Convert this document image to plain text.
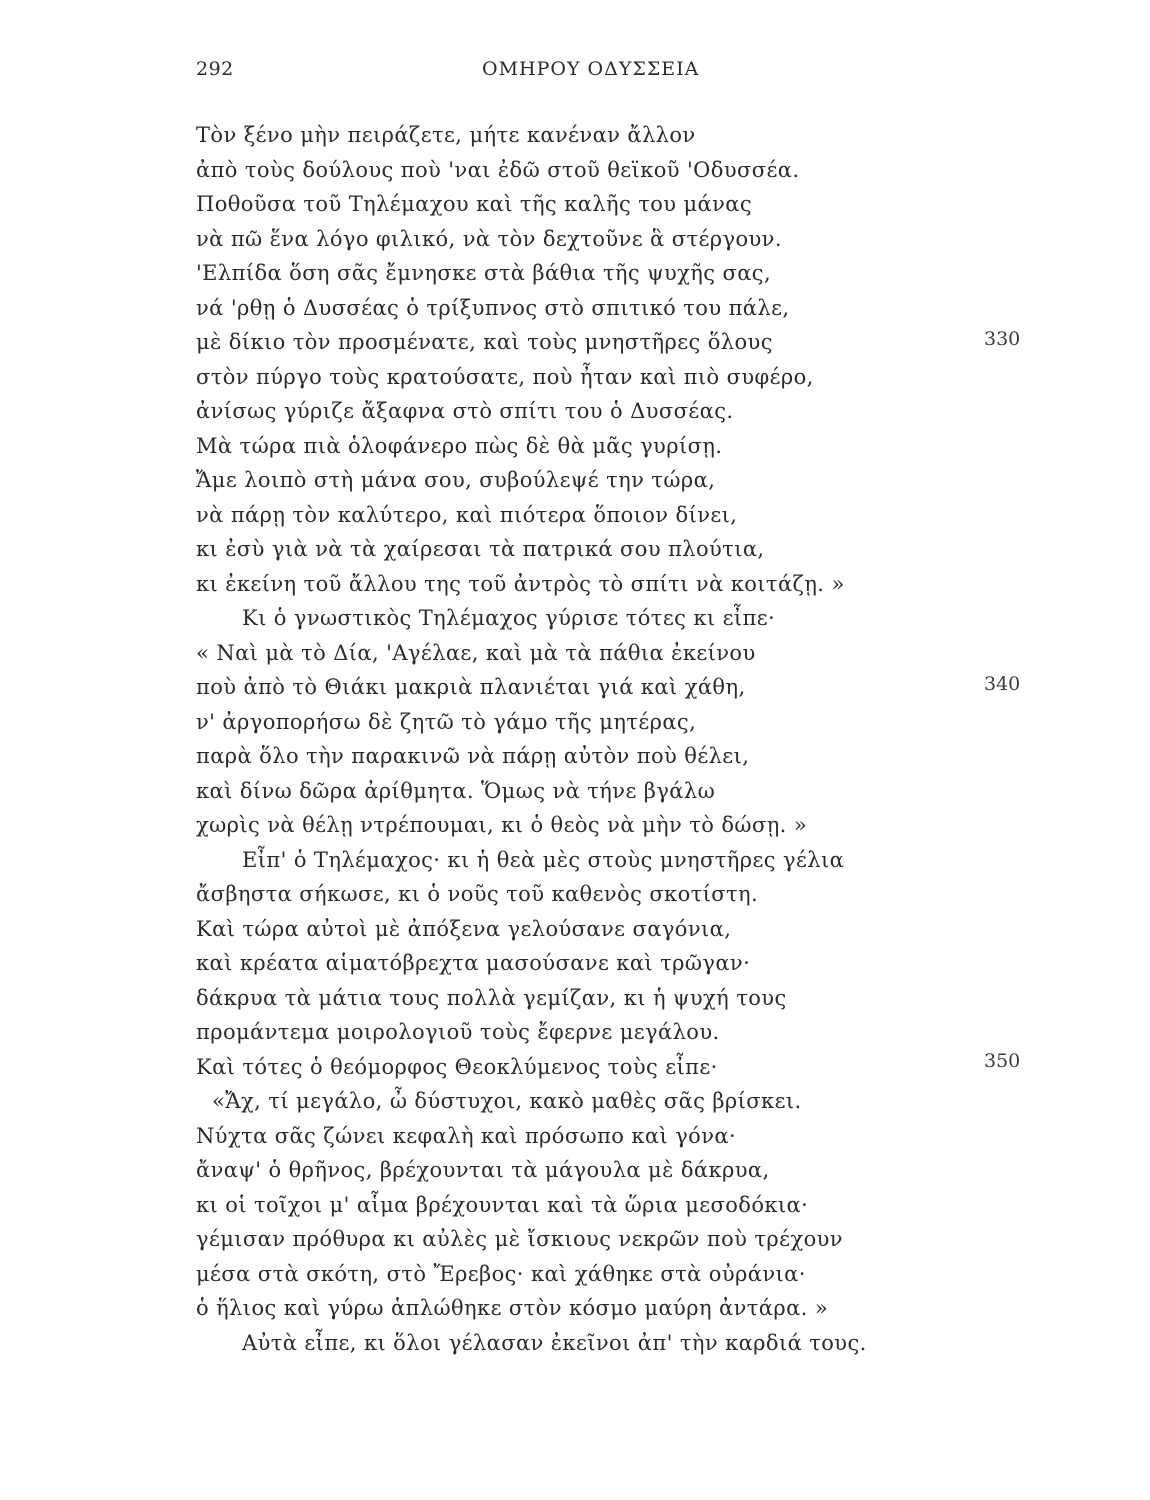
292	ΟΜΗΡΟΥ ΟΔΥΣΣΕΙΑ
Τὸν ξένο μὴν πειράζετε, μήτε κανέναν ἄλλον
ἀπὸ τοὺς δούλους ποὺ 'ναι ἐδῶ στοῦ θεϊκοῦ 'Οδυσσέα.
Ποθοῦσα τοῦ Τηλέμαχου καὶ τῆς καλῆς του μάνας
νὰ πῶ ἕνα λόγο φιλικό, νὰ τὸν δεχτοῦνε ἃ στέργουν.
'Ελπίδα ὅση σᾶς ἔμνησκε στὰ βάθια τῆς ψυχῆς σας,
νά 'ρθῃ ὁ Δυσσέας ὁ τρίξυπνος στὸ σπιτικό του πάλε,
μὲ δίκιο τὸν προσμένατε, καὶ τοὺς μνηστῆρες ὅλους
στὸν πύργο τοὺς κρατούσατε, ποὺ ἦταν καὶ πιὸ συφέρο,
ἀνίσως γύριζε ἄξαφνα στὸ σπίτι του ὁ Δυσσέας.
Μὰ τώρα πιὰ ὁλοφάνερο πὼς δὲ θὰ μᾶς γυρίσῃ.
Ἄμε λοιπὸ στὴ μάνα σου, συβούλεψέ την τώρα,
νὰ πάρῃ τὸν καλύτερο, καὶ πιότερα ὅποιον δίνει,
κι ἐσὺ γιὰ νὰ τὰ χαίρεσαι τὰ πατρικά σου πλούτια,
κι ἐκείνη τοῦ ἄλλου της τοῦ ἀντρὸς τὸ σπίτι νὰ κοιτάζῃ. »
Κι ὁ γνωστικὸς Τηλέμαχος γύρισε τότες κι εἶπε·
« Ναὶ μὰ τὸ Δία, 'Αγέλαε, καὶ μὰ τὰ πάθια ἐκείνου
ποὺ ἀπὸ τὸ Θιάκι μακριὰ πλανιέται γιά καὶ χάθη,
ν' ἀργοπορήσω δὲ ζητῶ τὸ γάμο τῆς μητέρας,
παρὰ ὅλο τὴν παρακινῶ νὰ πάρῃ αὐτὸν ποὺ θέλει,
καὶ δίνω δῶρα ἀρίθμητα. Ὅμως νὰ τήνε βγάλω
χωρὶς νὰ θέλῃ ντρέπουμαι, κι ὁ θεὸς νὰ μὴν τὸ δώσῃ. »
Εἶπ' ὁ Τηλέμαχος· κι ἡ θεὰ μὲς στοὺς μνηστῆρες γέλια
ἄσβηστα σήκωσε, κι ὁ νοῦς τοῦ καθενὸς σκοτίστη.
Καὶ τώρα αὐτοὶ μὲ ἀπόξενα γελούσανε σαγόνια,
καὶ κρέατα αἱματόβρεχτα μασούσανε καὶ τρῶγαν·
δάκρυα τὰ μάτια τους πολλὰ γεμίζαν, κι ἡ ψυχή τους
προμάντεμα μοιρολογιοῦ τοὺς ἔφερνε μεγάλου.
Καὶ τότες ὁ θεόμορφος Θεοκλύμενος τοὺς εἶπε·
«Ἄχ, τί μεγάλο, ὦ δύστυχοι, κακὸ μαθὲς σᾶς βρίσκει.
Νύχτα σᾶς ζώνει κεφαλὴ καὶ πρόσωπο καὶ γόνα·
ἄναψ' ὁ θρῆνος, βρέχουνται τὰ μάγουλα μὲ δάκρυα,
κι οἱ τοῖχοι μ' αἷμα βρέχουνται καὶ τὰ ὥρια μεσοδόκια·
γέμισαν πρόθυρα κι αὐλὲς μὲ ἴσκιους νεκρῶν ποὺ τρέχουν
μέσα στὰ σκότη, στὸ Ἔρεβος· καὶ χάθηκε στὰ οὐράνια·
ὁ ἥλιος καὶ γύρω ἁπλώθηκε στὸν κόσμο μαύρη ἀντάρα. »
Αὐτὰ εἶπε, κι ὅλοι γέλασαν ἐκεῖνοι ἀπ' τὴν καρδιά τους.
330
340
350
